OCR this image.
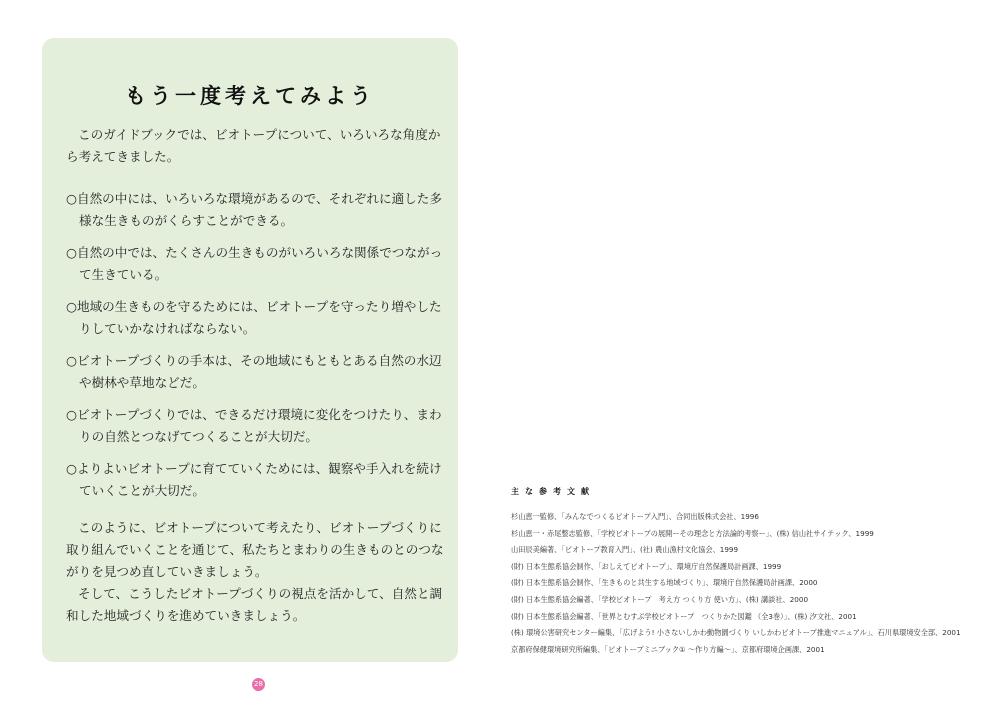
もう一度考えてみよう
このガイドブックでは、ビオトープについて、いろいろな角度から考えてきました。
○自然の中には、いろいろな環境があるので、それぞれに適した多様な生きものがくらすことができる。
○自然の中では、たくさんの生きものがいろいろな関係でつながって生きている。
○地域の生きものを守るためには、ビオトープを守ったり増やしたりしていかなければならない。
○ビオトープづくりの手本は、その地域にもともとある自然の水辺や樹林や草地などだ。
○ビオトープづくりでは、できるだけ環境に変化をつけたり、まわりの自然とつなげてつくることが大切だ。
○よりよいビオトープに育てていくためには、観察や手入れを続けていくことが大切だ。

このように、ビオトープについて考えたり、ビオトープづくりに取り組んでいくことを通じて、私たちとまわりの生きものとのつながりを見つめ直していきましょう。

そして、こうしたビオトープづくりの視点を活かして、自然と調和した地域づくりを進めていきましょう。

28
主な参考文献
杉山恵一監修、「みんなでつくるビオトープ入門」、合同出版株式会社、1996
杉山恵一・赤尾整志監修、「学校ビオトープの展開ーその理念と方法論的考察ー」、(株) 信山社サイテック、1999
山田辰美編著、「ビオトープ教育入門」、(社) 農山漁村文化協会、1999
(財) 日本生態系協会制作、「おしえてビオトープ」、環境庁自然保護局計画課、1999
(財) 日本生態系協会制作、「生きものと共生する地域づくり」、環境庁自然保護局計画課、2000
(財) 日本生態系協会編著、「学校ビオトープ　考え方 つくり方 使い方」、(株) 講談社、2000
(財) 日本生態系協会編著、「世界とむすぶ学校ビオトープ　つくりかた図鑑 （全3巻）」、(株) 汐文社、2001
(株) 環境公害研究センター編集、「広げよう! 小さないしかわ動物園づくり いしかわビオトープ推進マニュアル」、石川県環境安全部、2001
京都府保健環境研究所編集、「ビオトープミニブック① ～作り方編～」、京都府環境企画課、2001
